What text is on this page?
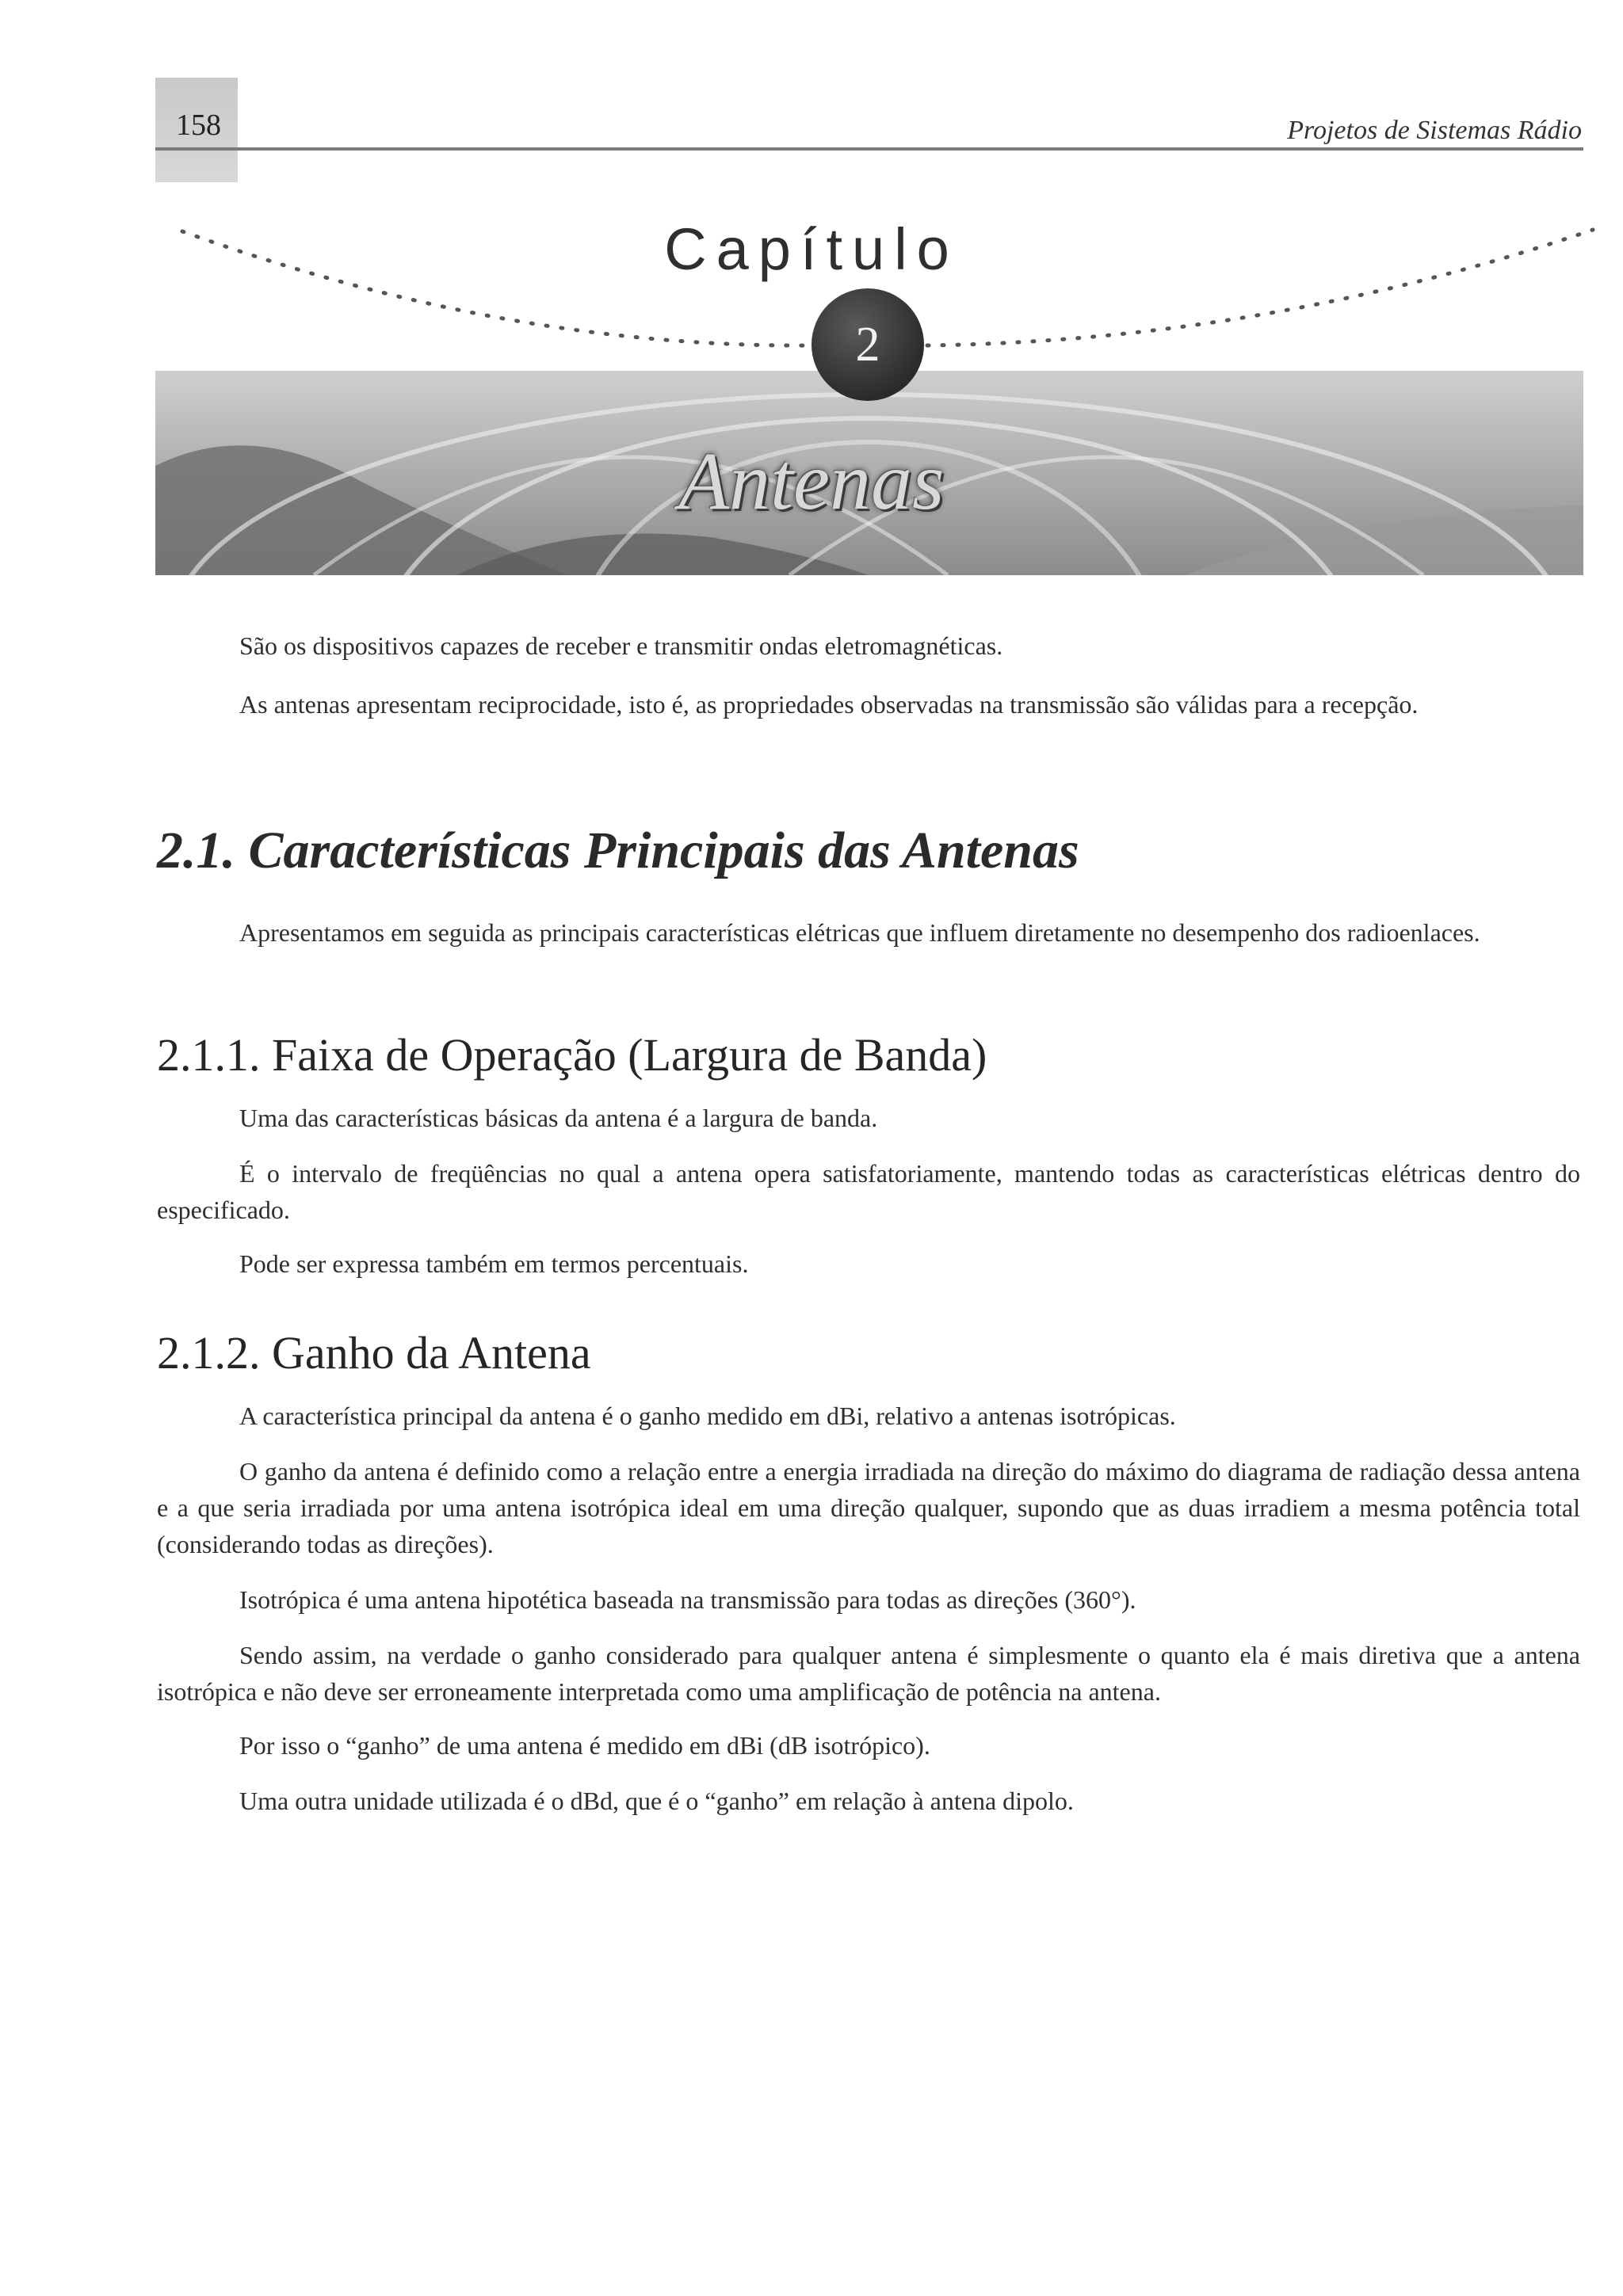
158	Projetos de Sistemas Rádio
Capítulo
2
Antenas
São os dispositivos capazes de receber e transmitir ondas eletromagnéticas.
As antenas apresentam reciprocidade, isto é, as propriedades observadas na transmissão são válidas para a recepção.
2.1. Características Principais das Antenas
Apresentamos em seguida as principais características elétricas que influem diretamente no desempenho dos radioenlaces.
2.1.1. Faixa de Operação (Largura de Banda)
Uma das características básicas da antena é a largura de banda.
É o intervalo de freqüências no qual a antena opera satisfatoriamente, mantendo todas as características elétricas dentro do especificado.
Pode ser expressa também em termos percentuais.
2.1.2. Ganho da Antena
A característica principal da antena é o ganho medido em dBi, relativo a antenas isotrópicas.
O ganho da antena é definido como a relação entre a energia irradiada na direção do máximo do diagrama de radiação dessa antena e a que seria irradiada por uma antena isotrópica ideal em uma direção qualquer, supondo que as duas irradiem a mesma potência total (considerando todas as direções).
Isotrópica é uma antena hipotética baseada na transmissão para todas as direções (360°).
Sendo assim, na verdade o ganho considerado para qualquer antena é simplesmente o quanto ela é mais diretiva que a antena isotrópica e não deve ser erroneamente interpretada como uma amplificação de potência na antena.
Por isso o “ganho” de uma antena é medido em dBi (dB isotrópico).
Uma outra unidade utilizada é o dBd, que é o “ganho” em relação à antena dipolo.
